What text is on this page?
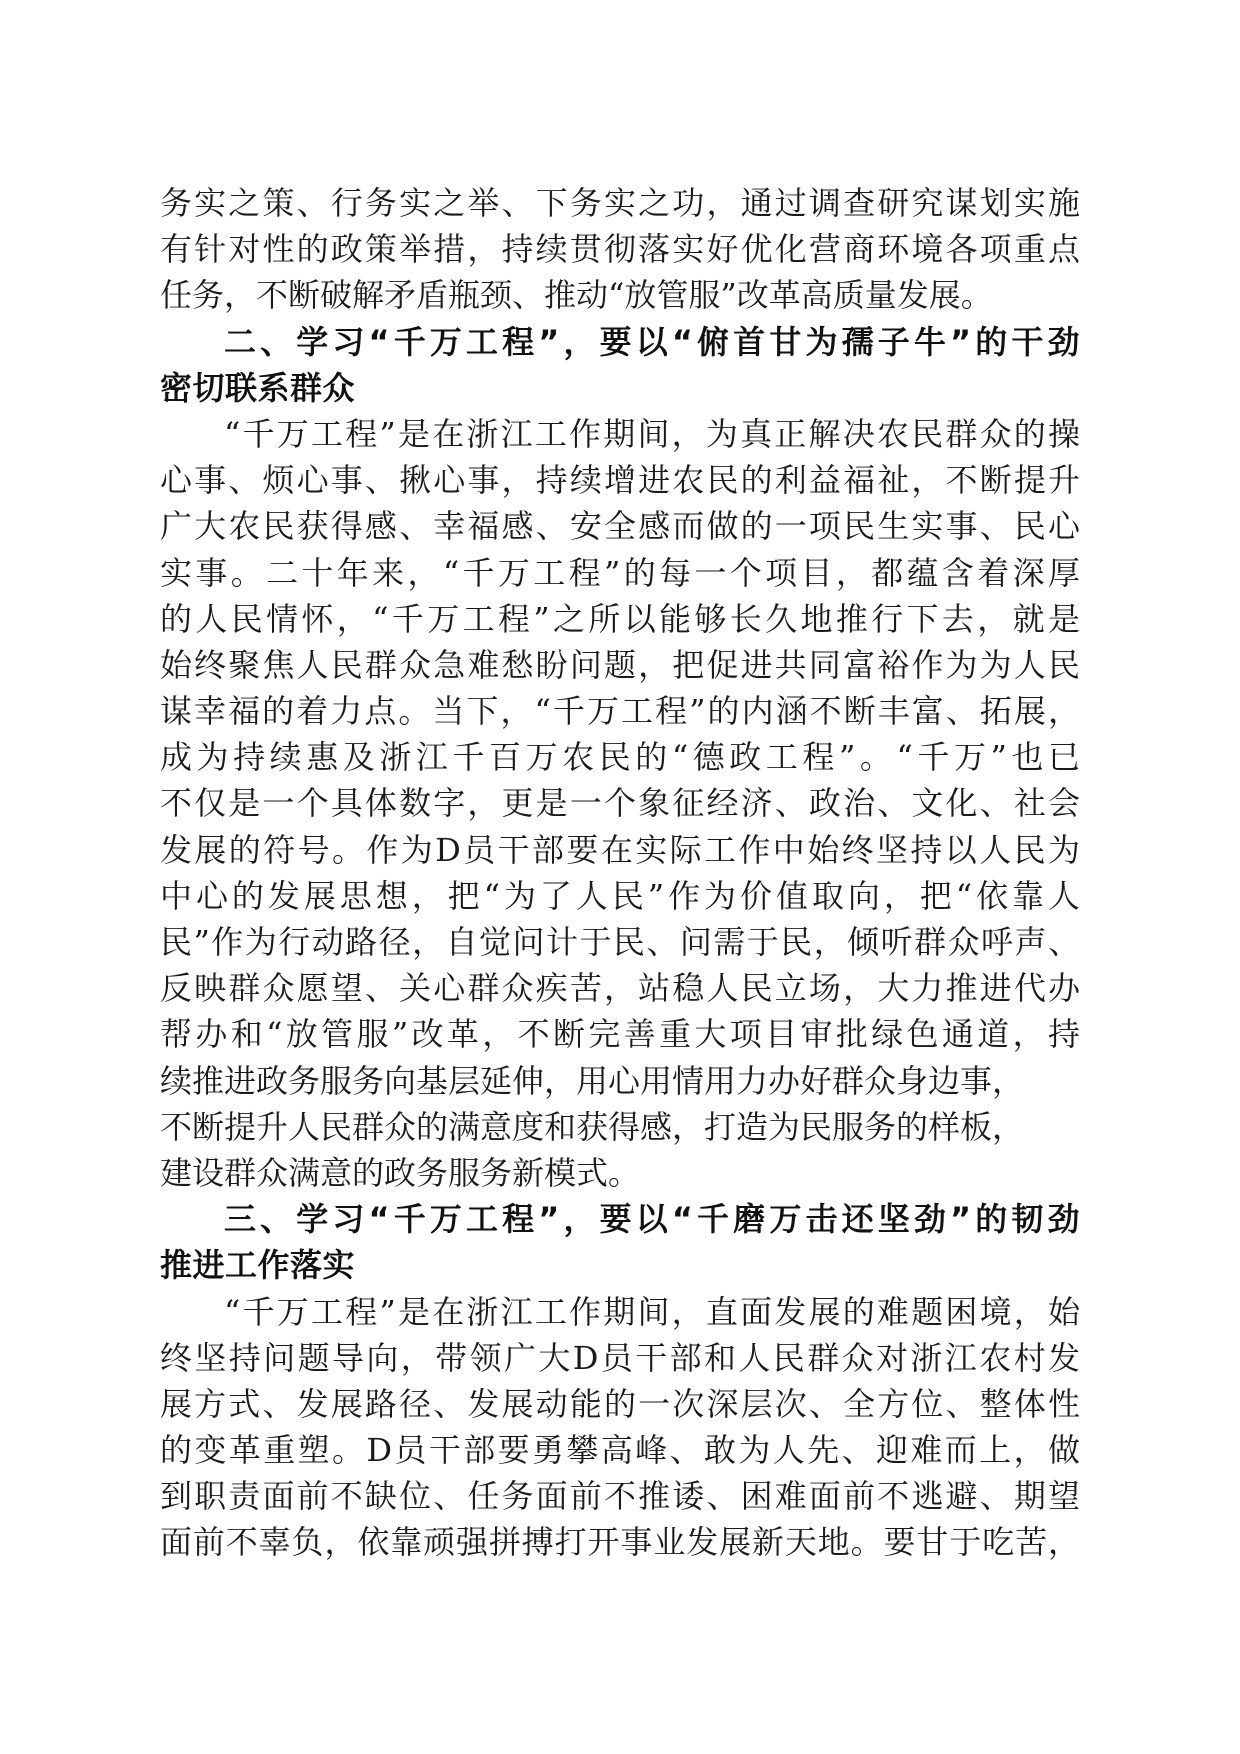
务实之策、行务实之举、下务实之功，通过调查研究谋划实施
有针对性的政策举措，持续贯彻落实好优化营商环境各项重点
任务，不断破解矛盾瓶颈、推动“放管服”改革高质量发展。
二、学习“千万工程”，要以“俯首甘为孺子牛”的干劲
密切联系群众
“千万工程”是在浙江工作期间，为真正解决农民群众的操
心事、烦心事、揪心事，持续增进农民的利益福祉，不断提升
广大农民获得感、幸福感、安全感而做的一项民生实事、民心
实事。二十年来，“千万工程”的每一个项目，都蕴含着深厚
的人民情怀，“千万工程”之所以能够长久地推行下去，就是
始终聚焦人民群众急难愁盼问题，把促进共同富裕作为为人民
谋幸福的着力点。当下，“千万工程”的内涵不断丰富、拓展，
成为持续惠及浙江千百万农民的“德政工程”。“千万”也已
不仅是一个具体数字，更是一个象征经济、政治、文化、社会
发展的符号。作为D员干部要在实际工作中始终坚持以人民为
中心的发展思想，把“为了人民”作为价值取向，把“依靠人
民”作为行动路径，自觉问计于民、问需于民，倾听群众呼声、
反映群众愿望、关心群众疾苦，站稳人民立场，大力推进代办
帮办和“放管服”改革，不断完善重大项目审批绿色通道，持
续推进政务服务向基层延伸，用心用情用力办好群众身边事，
不断提升人民群众的满意度和获得感，打造为民服务的样板，
建设群众满意的政务服务新模式。
三、学习“千万工程”，要以“千磨万击还坚劲”的韧劲
推进工作落实
“千万工程”是在浙江工作期间，直面发展的难题困境，始
终坚持问题导向，带领广大D员干部和人民群众对浙江农村发
展方式、发展路径、发展动能的一次深层次、全方位、整体性
的变革重塑。D员干部要勇攀高峰、敢为人先、迎难而上，做
到职责面前不缺位、任务面前不推诿、困难面前不逃避、期望
面前不辜负，依靠顽强拼搏打开事业发展新天地。要甘于吃苦，
